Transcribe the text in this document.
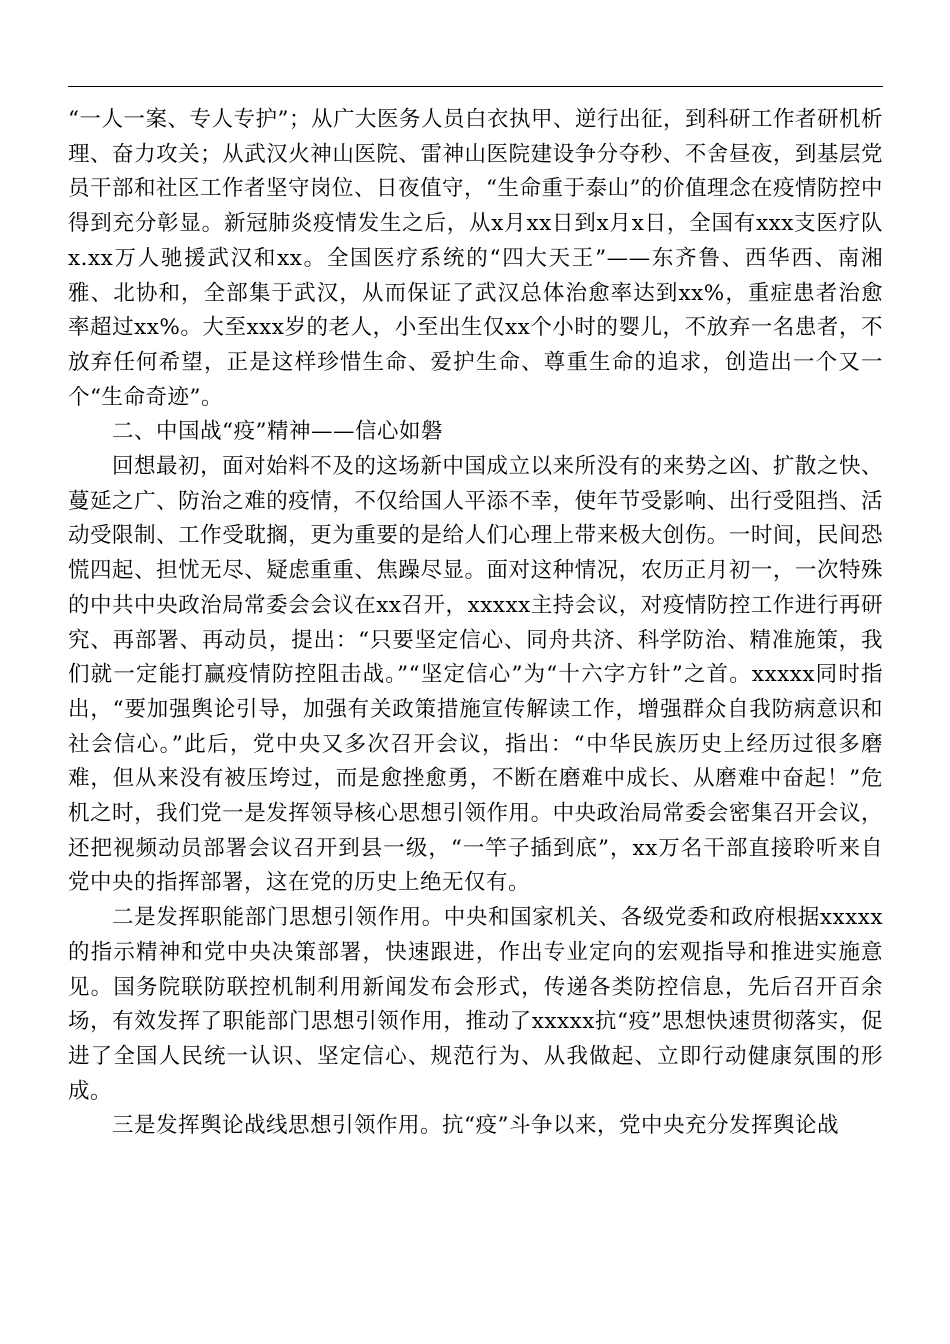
“一人一案、专人专护”；从广大医务人员白衣执甲、逆行出征，到科研工作者研机析理、奋力攻关；从武汉火神山医院、雷神山医院建设争分夺秒、不舍昼夜，到基层党员干部和社区工作者坚守岗位、日夜值守，“生命重于泰山”的价值理念在疫情防控中得到充分彰显。新冠肺炎疫情发生之后，从x月xx日到x月x日，全国有xxx支医疗队x.xx万人驰援武汉和xx。全国医疗系统的“四大天王”——东齐鲁、西华西、南湘雅、北协和，全部集于武汉，从而保证了武汉总体治愈率达到xx%，重症患者治愈率超过xx%。大至xxx岁的老人，小至出生仅xx个小时的婴儿，不放弃一名患者，不放弃任何希望，正是这样珍惜生命、爱护生命、尊重生命的追求，创造出一个又一个“生命奇迹”。

二、中国战“疫”精神——信心如磐

回想最初，面对始料不及的这场新中国成立以来所没有的来势之凶、扩散之快、蔓延之广、防治之难的疫情，不仅给国人平添不幸，使年节受影响、出行受阻挡、活动受限制、工作受耽搁，更为重要的是给人们心理上带来极大创伤。一时间，民间恐慌四起、担忧无尽、疑虑重重、焦躁尽显。面对这种情况，农历正月初一，一次特殊的中共中央政治局常委会会议在xx召开，xxxxx主持会议，对疫情防控工作进行再研究、再部署、再动员，提出：“只要坚定信心、同舟共济、科学防治、精准施策，我们就一定能打赢疫情防控阻击战。”“坚定信心”为“十六字方针”之首。xxxxx同时指出，“要加强舆论引导，加强有关政策措施宣传解读工作，增强群众自我防病意识和社会信心。”此后，党中央又多次召开会议，指出：“中华民族历史上经历过很多磨难，但从来没有被压垮过，而是愈挫愈勇，不断在磨难中成长、从磨难中奋起！”危机之时，我们党一是发挥领导核心思想引领作用。中央政治局常委会密集召开会议，还把视频动员部署会议召开到县一级，“一竿子插到底”，xx万名干部直接聆听来自党中央的指挥部署，这在党的历史上绝无仅有。

二是发挥职能部门思想引领作用。中央和国家机关、各级党委和政府根据xxxxx的指示精神和党中央决策部署，快速跟进，作出专业定向的宏观指导和推进实施意见。国务院联防联控机制利用新闻发布会形式，传递各类防控信息，先后召开百余场，有效发挥了职能部门思想引领作用，推动了xxxxx抗“疫”思想快速贯彻落实，促进了全国人民统一认识、坚定信心、规范行为、从我做起、立即行动健康氛围的形成。

三是发挥舆论战线思想引领作用。抗“疫”斗争以来，党中央充分发挥舆论战
